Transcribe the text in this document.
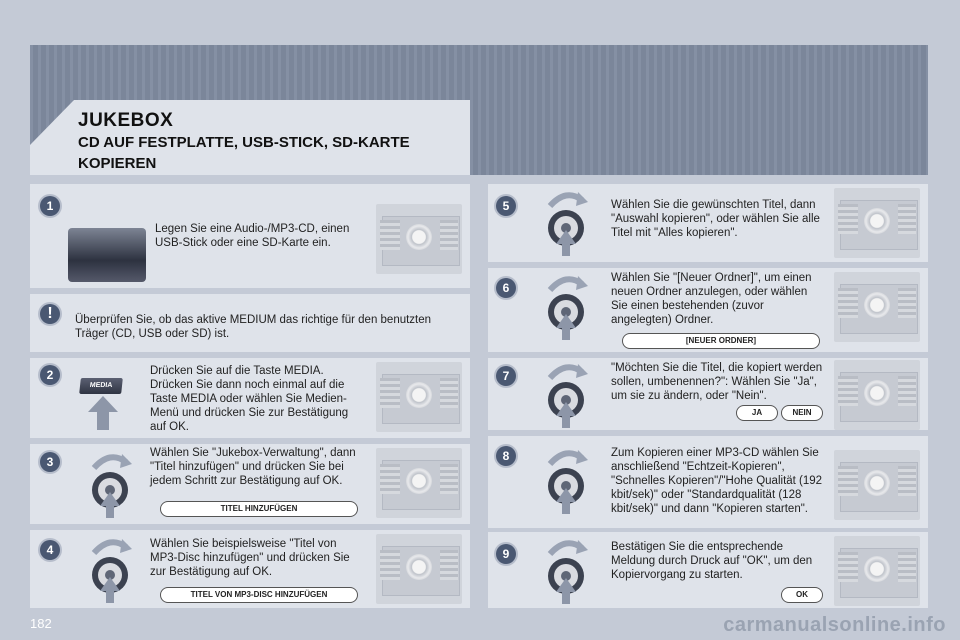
JUKEBOX
CD AUF FESTPLATTE, USB-STICK, SD-KARTE KOPIEREN
1
Legen Sie eine Audio-/MP3-CD, einen USB-Stick oder eine SD-Karte ein.
!	Überprüfen Sie, ob das aktive MEDIUM das richtige für den benutzten Träger (CD, USB oder SD) ist.
2
MEDIA
Drücken Sie auf die Taste MEDIA. Drücken Sie dann noch einmal auf die Taste MEDIA oder wählen Sie Medien-Menü und drücken Sie zur Bestätigung auf OK.
3
Wählen Sie "Jukebox-Verwaltung", dann "Titel hinzufügen" und drücken Sie bei jedem Schritt zur Bestätigung auf OK.
TITEL HINZUFÜGEN
4	Wählen Sie beispielsweise "Titel von MP3-Disc hinzufügen" und drücken Sie zur Bestätigung auf OK.
TITEL VON MP3-DISC HINZUFÜGEN
5	Wählen Sie die gewünschten Titel, dann "Auswahl kopieren", oder wählen Sie alle Titel mit "Alles kopieren".
6
Wählen Sie "[Neuer Ordner]", um einen neuen Ordner anzulegen, oder wählen Sie einen bestehenden (zuvor angelegten) Ordner.
[NEUER ORDNER]
7
"Möchten Sie die Titel, die kopiert werden sollen, umbenennen?": Wählen Sie "Ja", um sie zu ändern, oder "Nein".
JA	NEIN
8	Zum Kopieren einer MP3-CD wählen Sie anschließend "Echtzeit-Kopieren", "Schnelles Kopieren"/"Hohe Qualität (192 kbit/sek)" oder "Standardqualität (128 kbit/sek)" und dann "Kopieren starten".
9	Bestätigen Sie die entsprechende Meldung durch Druck auf "OK", um den Kopiervorgang zu starten.
OK
182	carmanualsonline.info
